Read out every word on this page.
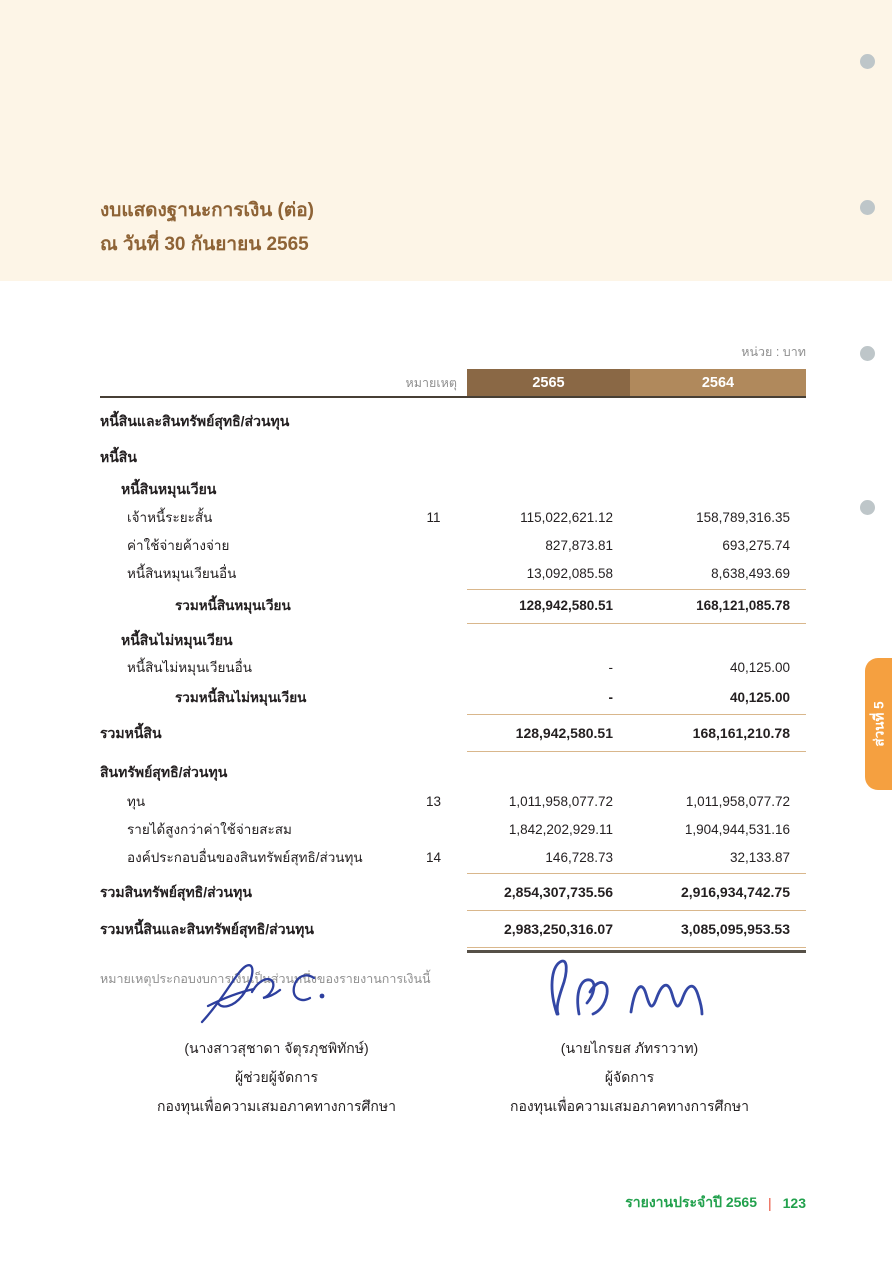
งบแสดงฐานะการเงิน (ต่อ)
ณ วันที่ 30 กันยายน 2565
ส่วนที่ 5
หน่วย : บาท
หมายเหตุ	2565	2564
หนี้สินและสินทรัพย์สุทธิ/ส่วนทุน
หนี้สิน
หนี้สินหมุนเวียน
เจ้าหนี้ระยะสั้น	11	115,022,621.12	158,789,316.35
ค่าใช้จ่ายค้างจ่าย	827,873.81	693,275.74
หนี้สินหมุนเวียนอื่น	13,092,085.58	8,638,493.69
รวมหนี้สินหมุนเวียน	128,942,580.51	168,121,085.78
หนี้สินไม่หมุนเวียน
หนี้สินไม่หมุนเวียนอื่น	-	40,125.00
รวมหนี้สินไม่หมุนเวียน	-	40,125.00
รวมหนี้สิน	128,942,580.51	168,161,210.78
สินทรัพย์สุทธิ/ส่วนทุน
ทุน	13	1,011,958,077.72	1,011,958,077.72
รายได้สูงกว่าค่าใช้จ่ายสะสม	1,842,202,929.11	1,904,944,531.16
องค์ประกอบอื่นของสินทรัพย์สุทธิ/ส่วนทุน	14	146,728.73	32,133.87
รวมสินทรัพย์สุทธิ/ส่วนทุน	2,854,307,735.56	2,916,934,742.75
รวมหนี้สินและสินทรัพย์สุทธิ/ส่วนทุน	2,983,250,316.07	3,085,095,953.53
หมายเหตุประกอบงบการเงินเป็นส่วนหนึ่งของรายงานการเงินนี้
(นางสาวสุชาดา จัตุรภุชพิทักษ์)
ผู้ช่วยผู้จัดการ
กองทุนเพื่อความเสมอภาคทางการศึกษา
(นายไกรยส ภัทราวาท)
ผู้จัดการ
กองทุนเพื่อความเสมอภาคทางการศึกษา
รายงานประจำปี 2565 | 123
